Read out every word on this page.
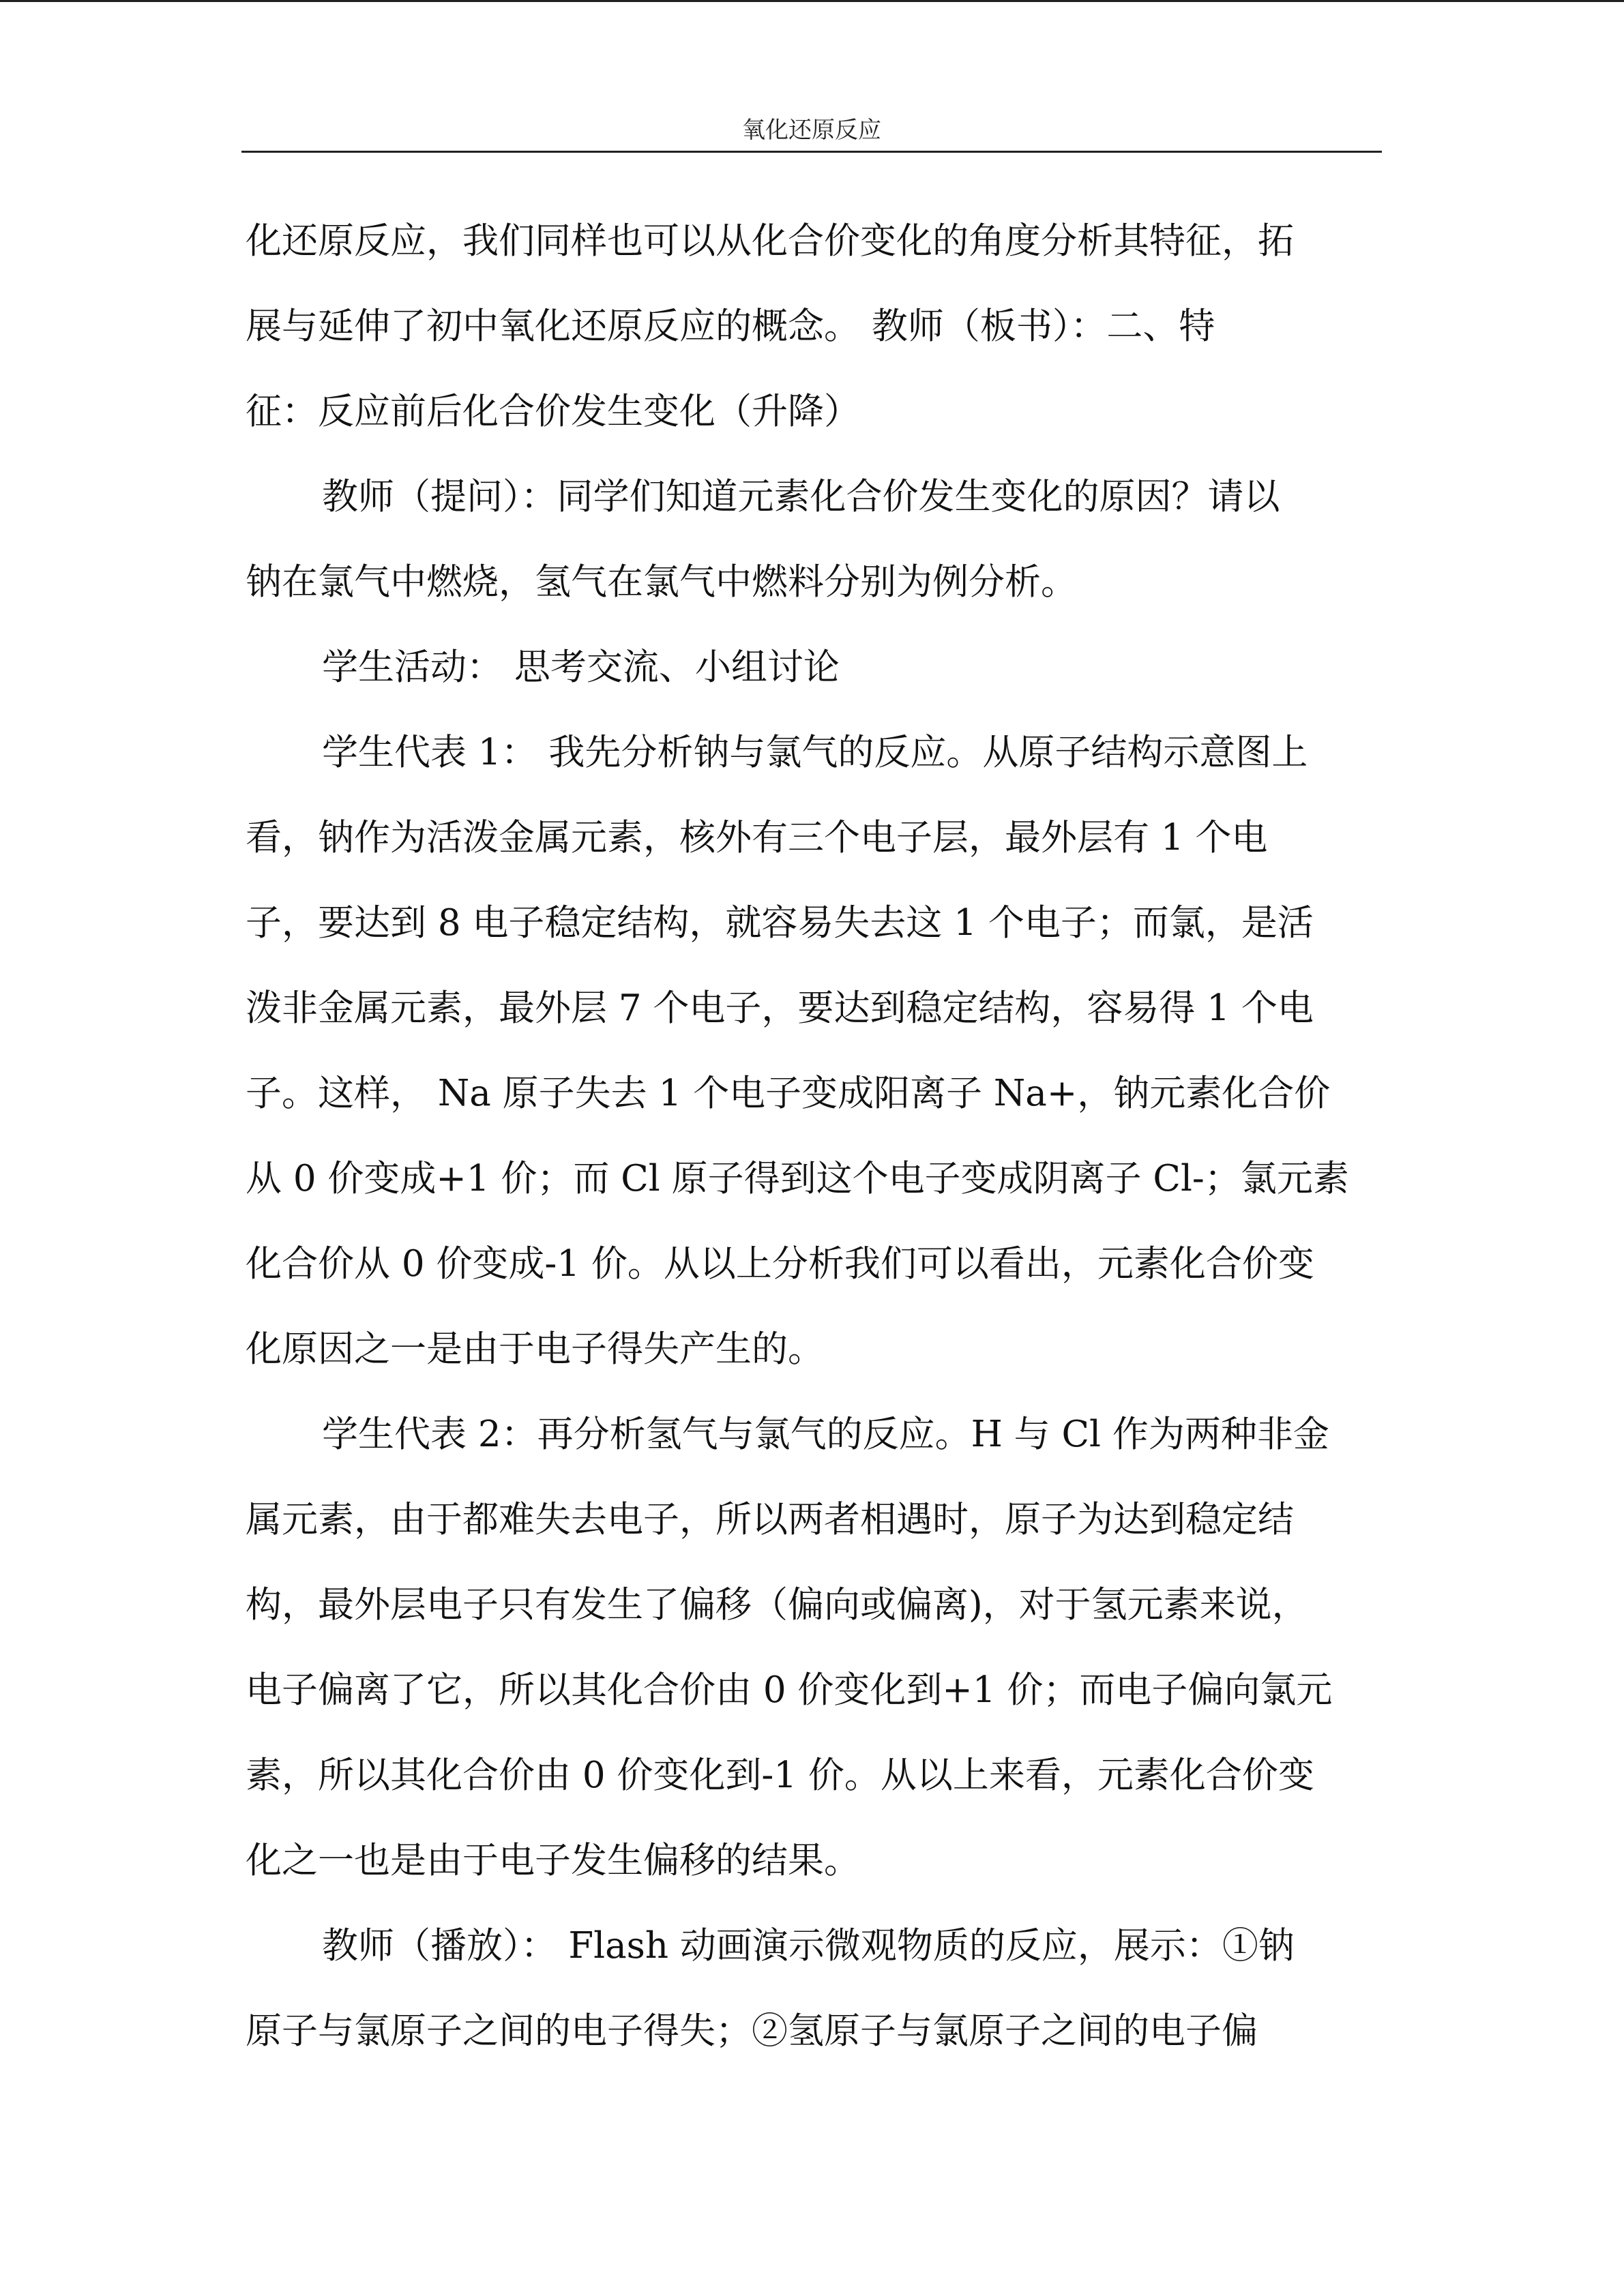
氧化还原反应
化还原反应，我们同样也可以从化合价变化的角度分析其特征，拓
展与延伸了初中氧化还原反应的概念。 教师（板书）：二、特
征：反应前后化合价发生变化（升降）
教师（提问）：同学们知道元素化合价发生变化的原因？请以
钠在氯气中燃烧，氢气在氯气中燃料分别为例分析。
学生活动： 思考交流、小组讨论
学生代表 1： 我先分析钠与氯气的反应。从原子结构示意图上
看，钠作为活泼金属元素，核外有三个电子层，最外层有 1 个电
子，要达到 8 电子稳定结构，就容易失去这 1 个电子；而氯，是活
泼非金属元素，最外层 7 个电子，要达到稳定结构，容易得 1 个电
子。这样， Na 原子失去 1 个电子变成阳离子 Na+，钠元素化合价
从 0 价变成+1 价；而 Cl 原子得到这个电子变成阴离子 Cl-；氯元素
化合价从 0 价变成-1 价。从以上分析我们可以看出，元素化合价变
化原因之一是由于电子得失产生的。
学生代表 2：再分析氢气与氯气的反应。H 与 Cl 作为两种非金
属元素，由于都难失去电子，所以两者相遇时，原子为达到稳定结
构，最外层电子只有发生了偏移（偏向或偏离)，对于氢元素来说，
电子偏离了它，所以其化合价由 0 价变化到+1 价；而电子偏向氯元
素，所以其化合价由 0 价变化到-1 价。从以上来看，元素化合价变
化之一也是由于电子发生偏移的结果。
教师（播放）： Flash 动画演示微观物质的反应，展示：①钠
原子与氯原子之间的电子得失；②氢原子与氯原子之间的电子偏
